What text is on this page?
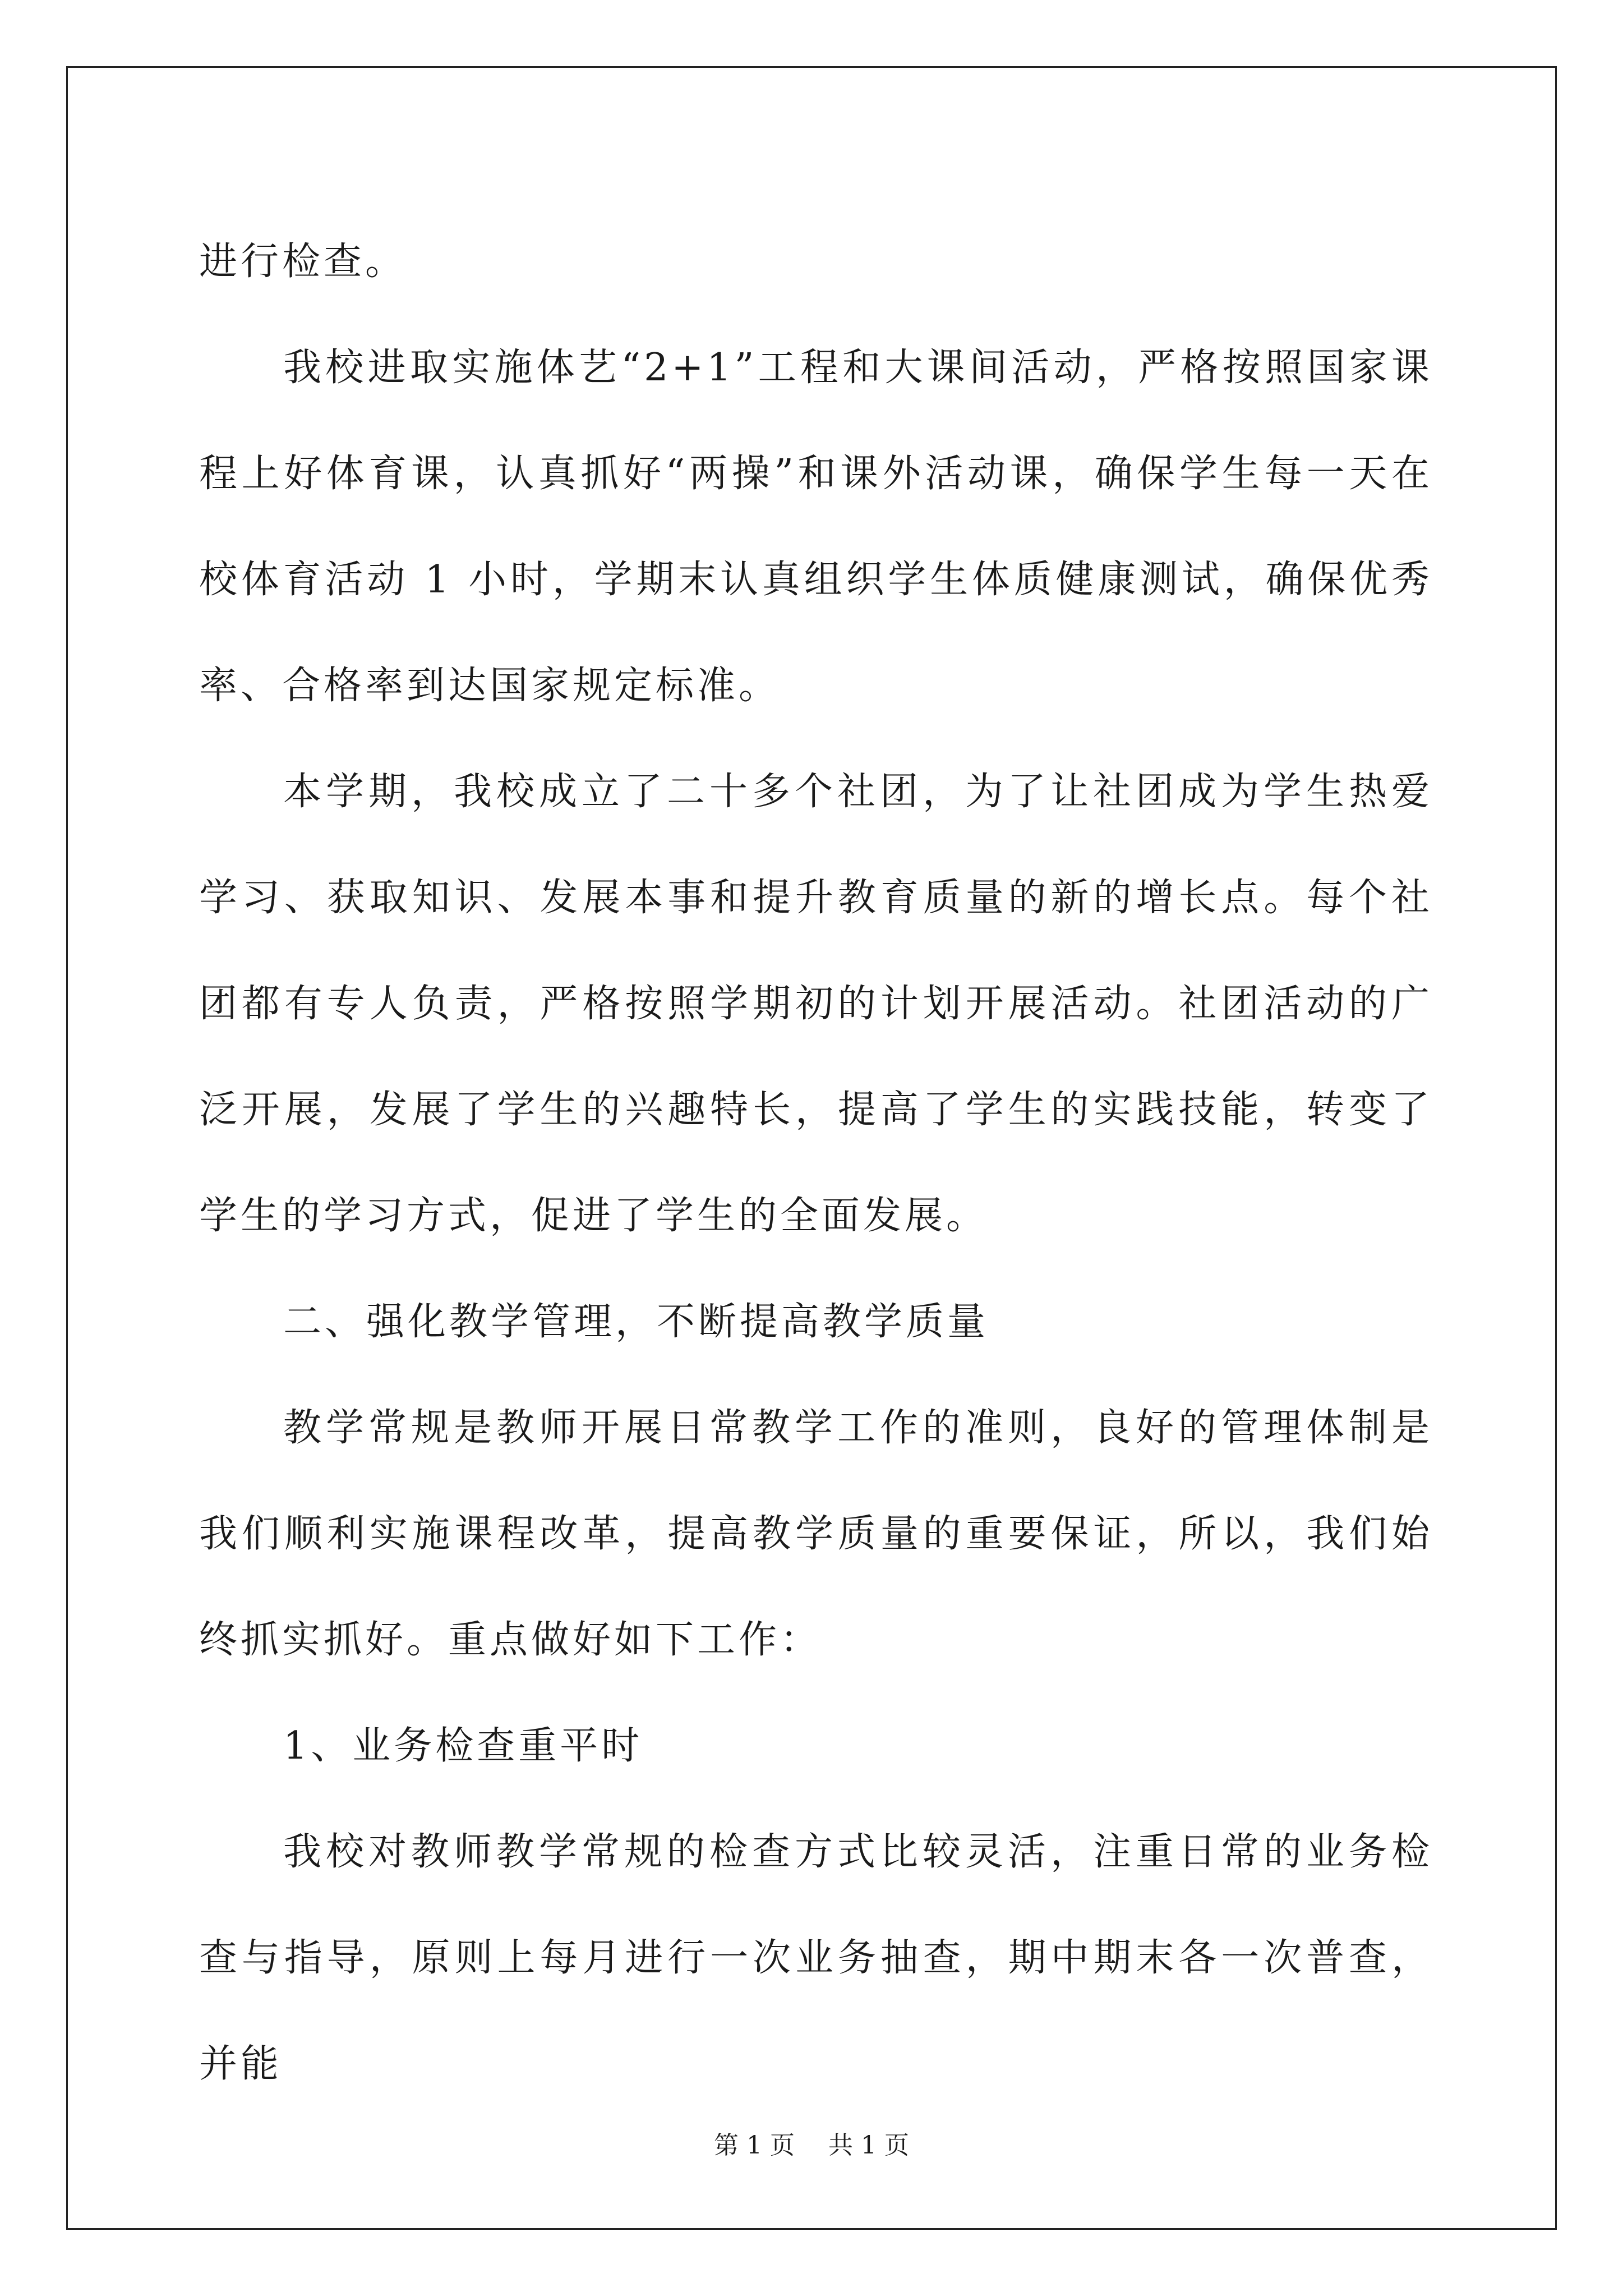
进行检查。

我校进取实施体艺“2+1”工程和大课间活动，严格按照国家课程上好体育课，认真抓好“两操”和课外活动课，确保学生每一天在校体育活动 1 小时，学期末认真组织学生体质健康测试，确保优秀率、合格率到达国家规定标准。

本学期，我校成立了二十多个社团，为了让社团成为学生热爱学习、获取知识、发展本事和提升教育质量的新的增长点。每个社团都有专人负责，严格按照学期初的计划开展活动。社团活动的广泛开展，发展了学生的兴趣特长，提高了学生的实践技能，转变了学生的学习方式，促进了学生的全面发展。

二、强化教学管理，不断提高教学质量

教学常规是教师开展日常教学工作的准则，良好的管理体制是我们顺利实施课程改革，提高教学质量的重要保证，所以，我们始终抓实抓好。重点做好如下工作：

1、业务检查重平时

我校对教师教学常规的检查方式比较灵活，注重日常的业务检查与指导，原则上每月进行一次业务抽查，期中期末各一次普查，并能

第 1 页 共 1 页
